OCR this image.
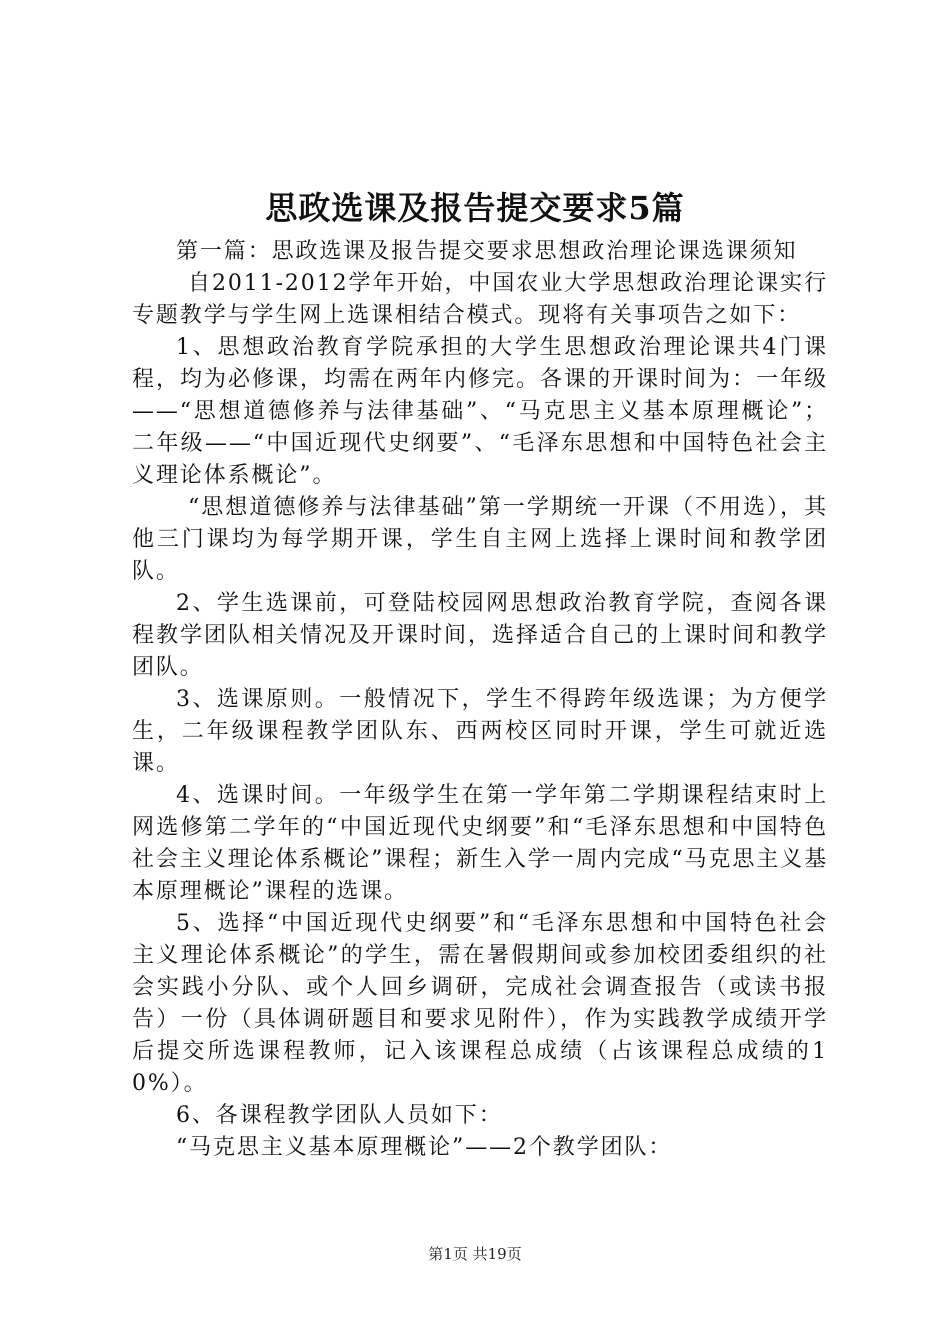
思政选课及报告提交要求5篇

第一篇：思政选课及报告提交要求思想政治理论课选课须知

自2011-2012学年开始，中国农业大学思想政治理论课实行专题教学与学生网上选课相结合模式。现将有关事项告之如下：

1、思想政治教育学院承担的大学生思想政治理论课共4门课程，均为必修课，均需在两年内修完。各课的开课时间为：一年级——“思想道德修养与法律基础”、“马克思主义基本原理概论”；二年级——“中国近现代史纲要”、“毛泽东思想和中国特色社会主义理论体系概论”。

“思想道德修养与法律基础”第一学期统一开课（不用选），其他三门课均为每学期开课，学生自主网上选择上课时间和教学团队。

2、学生选课前，可登陆校园网思想政治教育学院，查阅各课程教学团队相关情况及开课时间，选择适合自己的上课时间和教学团队。

3、选课原则。一般情况下，学生不得跨年级选课；为方便学生，二年级课程教学团队东、西两校区同时开课，学生可就近选课。

4、选课时间。一年级学生在第一学年第二学期课程结束时上网选修第二学年的“中国近现代史纲要”和“毛泽东思想和中国特色社会主义理论体系概论”课程；新生入学一周内完成“马克思主义基本原理概论”课程的选课。

5、选择“中国近现代史纲要”和“毛泽东思想和中国特色社会主义理论体系概论”的学生，需在暑假期间或参加校团委组织的社会实践小分队、或个人回乡调研，完成社会调查报告（或读书报告）一份（具体调研题目和要求见附件），作为实践教学成绩开学后提交所选课程教师，记入该课程总成绩（占该课程总成绩的10%）。

6、各课程教学团队人员如下：

“马克思主义基本原理概论”——2个教学团队：

第1页 共19页
